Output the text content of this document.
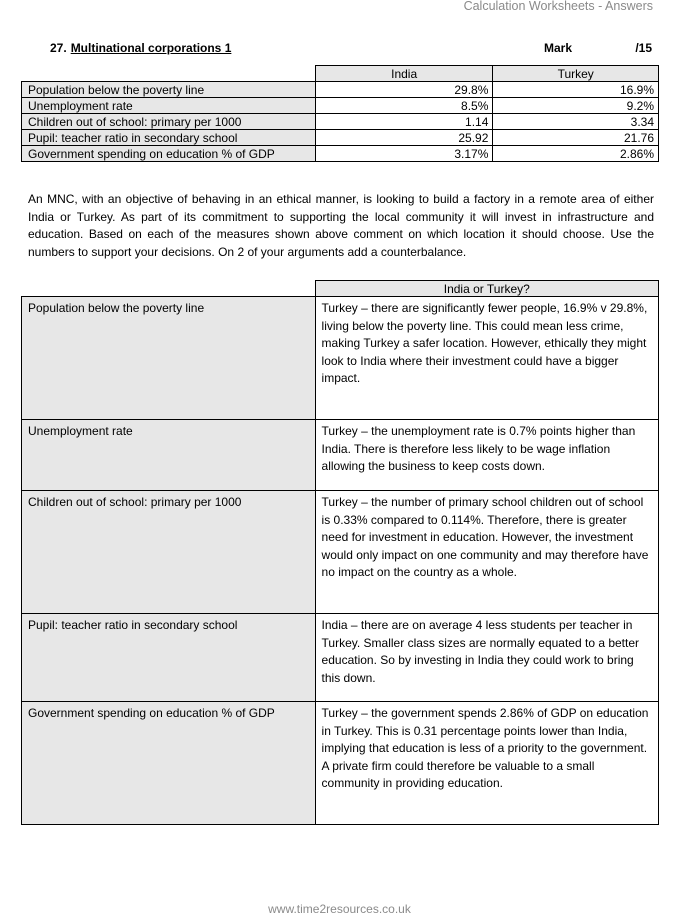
Calculation Worksheets - Answers
27. Multinational corporations 1	Mark	/15
	India	Turkey
Population below the poverty line	29.8%	16.9%
Unemployment rate	8.5%	9.2%
Children out of school: primary per 1000	1.14	3.34
Pupil: teacher ratio in secondary school	25.92	21.76
Government spending on education % of GDP	3.17%	2.86%

An MNC, with an objective of behaving in an ethical manner, is looking to build a factory in a remote area of either India or Turkey. As part of its commitment to supporting the local community it will invest in infrastructure and education. Based on each of the measures shown above comment on which location it should choose. Use the numbers to support your decisions. On 2 of your arguments add a counterbalance.

	India or Turkey?
Population below the poverty line	Turkey – there are significantly fewer people, 16.9% v 29.8%, living below the poverty line. This could mean less crime, making Turkey a safer location. However, ethically they might look to India where their investment could have a bigger impact.
Unemployment rate	Turkey – the unemployment rate is 0.7% points higher than India. There is therefore less likely to be wage inflation allowing the business to keep costs down.
Children out of school: primary per 1000	Turkey – the number of primary school children out of school is 0.33% compared to 0.114%. Therefore, there is greater need for investment in education. However, the investment would only impact on one community and may therefore have no impact on the country as a whole.
Pupil: teacher ratio in secondary school	India – there are on average 4 less students per teacher in Turkey. Smaller class sizes are normally equated to a better education. So by investing in India they could work to bring this down.
Government spending on education % of GDP	Turkey – the government spends 2.86% of GDP on education in Turkey. This is 0.31 percentage points lower than India, implying that education is less of a priority to the government. A private firm could therefore be valuable to a small community in providing education.
www.time2resources.co.uk
